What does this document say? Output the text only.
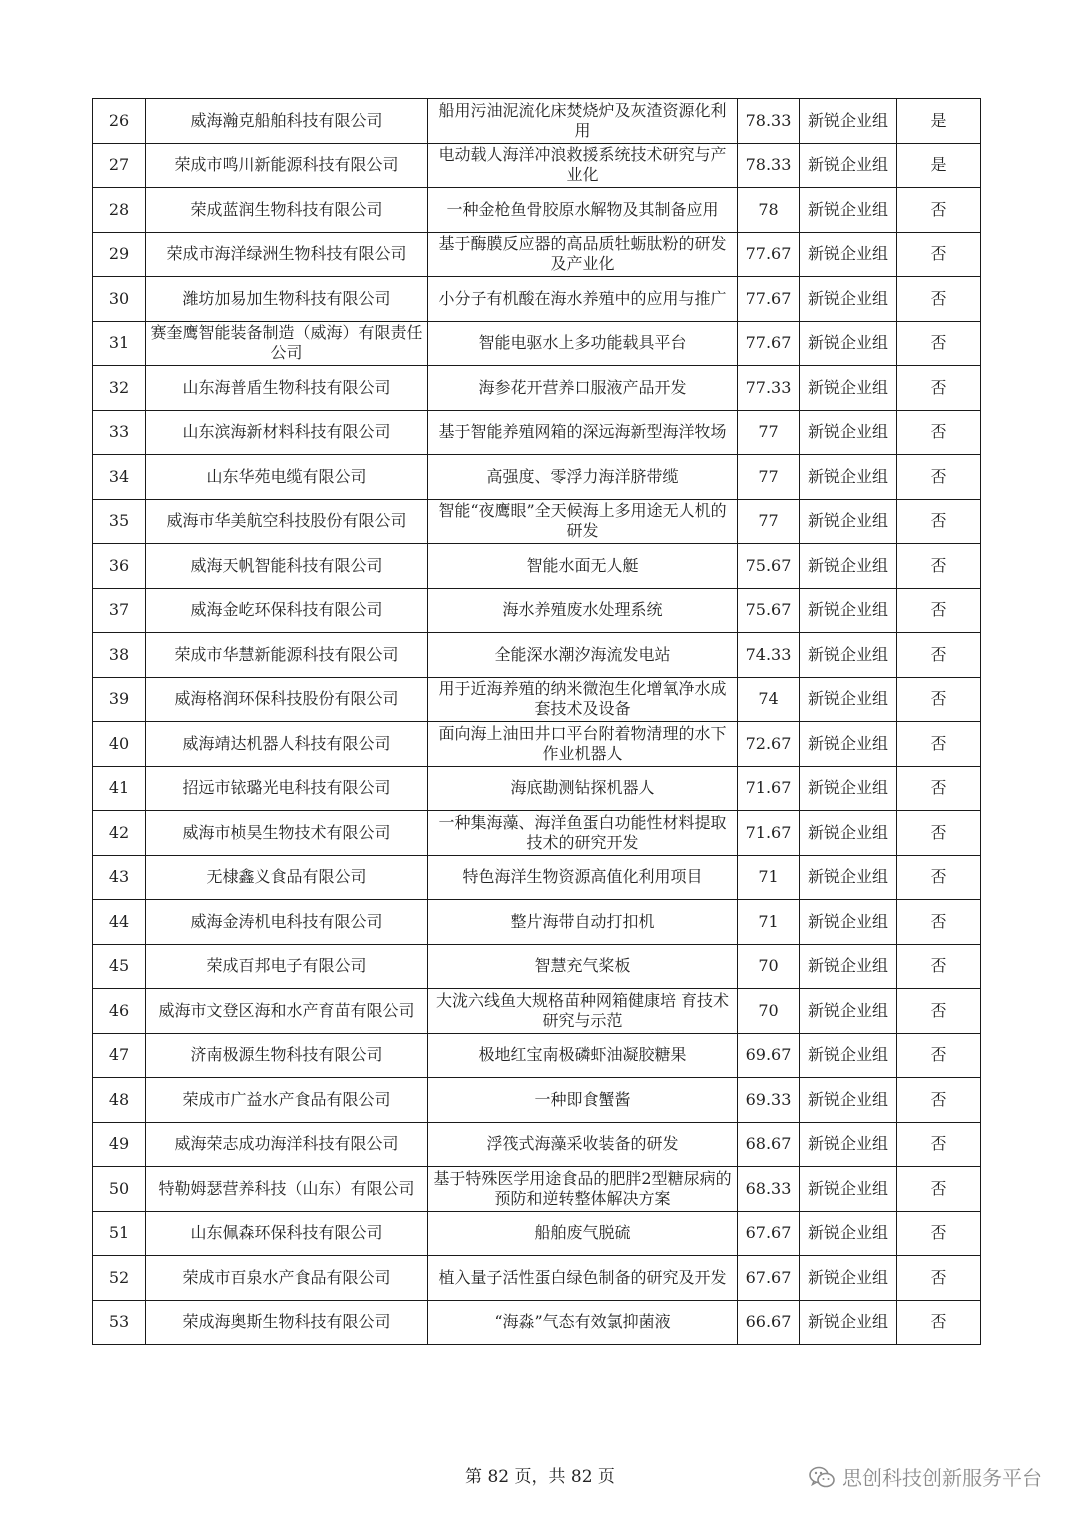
26	威海瀚克船舶科技有限公司	船用污油泥流化床焚烧炉及灰渣资源化利用	78.33	新锐企业组	是
27	荣成市鸣川新能源科技有限公司	电动载人海洋冲浪救援系统技术研究与产业化	78.33	新锐企业组	是
28	荣成蓝润生物科技有限公司	一种金枪鱼骨胶原水解物及其制备应用	78	新锐企业组	否
29	荣成市海洋绿洲生物科技有限公司	基于酶膜反应器的高品质牡蛎肽粉的研发及产业化	77.67	新锐企业组	否
30	潍坊加易加生物科技有限公司	小分子有机酸在海水养殖中的应用与推广	77.67	新锐企业组	否
31	赛奎鹰智能装备制造（威海）有限责任公司	智能电驱水上多功能载具平台	77.67	新锐企业组	否
32	山东海普盾生物科技有限公司	海参花开营养口服液产品开发	77.33	新锐企业组	否
33	山东滨海新材料科技有限公司	基于智能养殖网箱的深远海新型海洋牧场	77	新锐企业组	否
34	山东华苑电缆有限公司	高强度、零浮力海洋脐带缆	77	新锐企业组	否
35	威海市华美航空科技股份有限公司	智能“夜鹰眼”全天候海上多用途无人机的研发	77	新锐企业组	否
36	威海天帆智能科技有限公司	智能水面无人艇	75.67	新锐企业组	否
37	威海金屹环保科技有限公司	海水养殖废水处理系统	75.67	新锐企业组	否
38	荣成市华慧新能源科技有限公司	全能深水潮汐海流发电站	74.33	新锐企业组	否
39	威海格润环保科技股份有限公司	用于近海养殖的纳米微泡生化增氧净水成套技术及设备	74	新锐企业组	否
40	威海靖达机器人科技有限公司	面向海上油田井口平台附着物清理的水下作业机器人	72.67	新锐企业组	否
41	招远市铱璐光电科技有限公司	海底勘测钻探机器人	71.67	新锐企业组	否
42	威海市桢昊生物技术有限公司	一种集海藻、海洋鱼蛋白功能性材料提取技术的研究开发	71.67	新锐企业组	否
43	无棣鑫义食品有限公司	特色海洋生物资源高值化利用项目	71	新锐企业组	否
44	威海金涛机电科技有限公司	整片海带自动打扣机	71	新锐企业组	否
45	荣成百邦电子有限公司	智慧充气桨板	70	新锐企业组	否
46	威海市文登区海和水产育苗有限公司	大泷六线鱼大规格苗种网箱健康培 育技术研究与示范	70	新锐企业组	否
47	济南极源生物科技有限公司	极地红宝南极磷虾油凝胶糖果	69.67	新锐企业组	否
48	荣成市广益水产食品有限公司	一种即食蟹酱	69.33	新锐企业组	否
49	威海荣志成功海洋科技有限公司	浮筏式海藻采收装备的研发	68.67	新锐企业组	否
50	特勒姆瑟营养科技（山东）有限公司	基于特殊医学用途食品的肥胖2型糖尿病的预防和逆转整体解决方案	68.33	新锐企业组	否
51	山东佩森环保科技有限公司	船舶废气脱硫	67.67	新锐企业组	否
52	荣成市百泉水产食品有限公司	植入量子活性蛋白绿色制备的研究及开发	67.67	新锐企业组	否
53	荣成海奥斯生物科技有限公司	“海淼”气态有效氯抑菌液	66.67	新锐企业组	否
第 82 页，共 82 页	思创科技创新服务平台
